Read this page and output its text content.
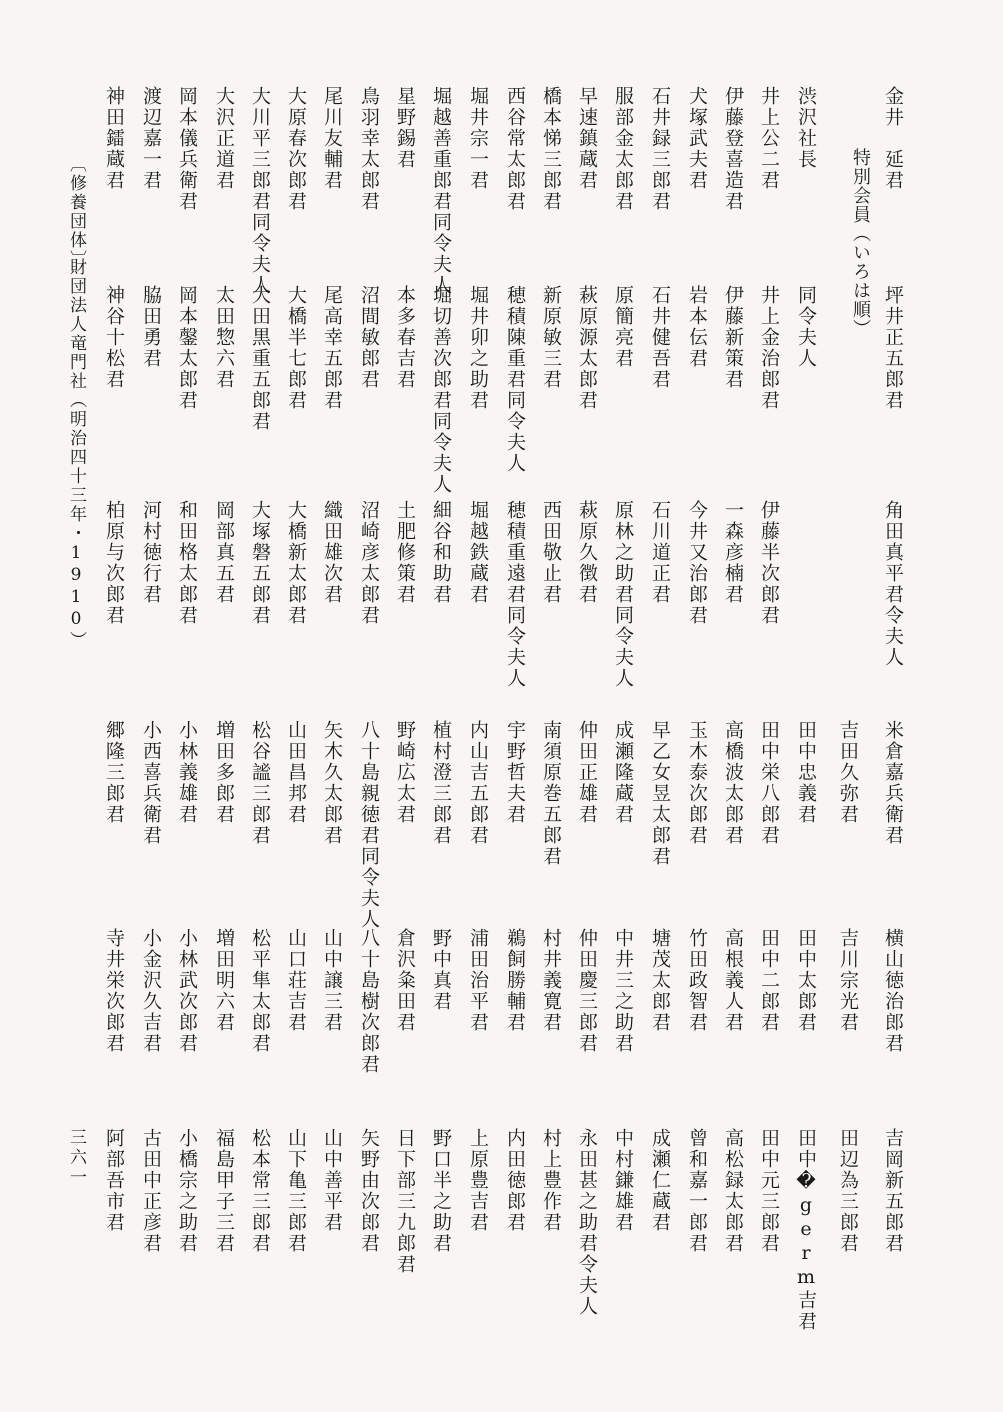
金井　延君
坪井正五郎君
角田真平君令夫人
渋沢社長
同令夫人
井上公二君
井上金治郎君
伊藤半次郎君
伊藤登喜造君
伊藤新策君
一森彦楠君
犬塚武夫君
岩本伝君
今井又治郎君
石井録三郎君
石井健吾君
石川道正君
服部金太郎君
原簡亮君
原林之助君同令夫人
早速鎮蔵君
萩原源太郎君
萩原久徴君
橋本悌三郎君
新原敏三君
西田敬止君
西谷常太郎君
穂積陳重君同令夫人
穂積重遠君同令夫人
堀井宗一君
堀井卯之助君
堀越鉄蔵君
堀越善重郎君同令夫人
堀切善次郎君同令夫人
細谷和助君
星野錫君
本多春吉君
土肥修策君
鳥羽幸太郎君
沼間敏郎君
沼崎彦太郎君
尾川友輔君
尾高幸五郎君
織田雄次君
大原春次郎君
大橋半七郎君
大橋新太郎君
大川平三郎君同令夫人
大田黒重五郎君
大塚磐五郎君
大沢正道君
太田惣六君
岡部真五君
岡本儀兵衛君
岡本鏧太郎君
和田格太郎君
渡辺嘉一君
脇田勇君
河村徳行君
神田鐳蔵君
神谷十松君
柏原与次郎君
米倉嘉兵衛君
横山徳治郎君
吉岡新五郎君
吉田久弥君
吉川宗光君
田辺為三郎君
田中忠義君
田中太郎君
田中�germ吉君
田中栄八郎君
田中二郎君
田中元三郎君
高橋波太郎君
高根義人君
高松録太郎君
玉木泰次郎君
竹田政智君
曾和嘉一郎君
早乙女昱太郎君
塘茂太郎君
成瀬仁蔵君
成瀬隆蔵君
中井三之助君
中村鎌雄君
仲田正雄君
仲田慶三郎君
永田甚之助君令夫人
南須原巻五郎君
村井義寛君
村上豊作君
宇野哲夫君
鵜飼勝輔君
内田徳郎君
内山吉五郎君
浦田治平君
上原豊吉君
植村澄三郎君
野中真君
野口半之助君
野崎広太君
倉沢粂田君
日下部三九郎君
八十島親徳君同令夫人
八十島樹次郎君
矢野由次郎君
矢木久太郎君
山中譲三君
山中善平君
山田昌邦君
山口荘吉君
山下亀三郎君
松谷謐三郎君
松平隼太郎君
松本常三郎君
増田多郎君
増田明六君
福島甲子三君
小林義雄君
小林武次郎君
小橋宗之助君
小西喜兵衛君
小金沢久吉君
古田中正彦君
郷隆三郎君
寺井栄次郎君
阿部吾市君
特別会員（いろは順）
〔修養団体〕
財団法人竜門社（明治四十三年・1910）
三六一
